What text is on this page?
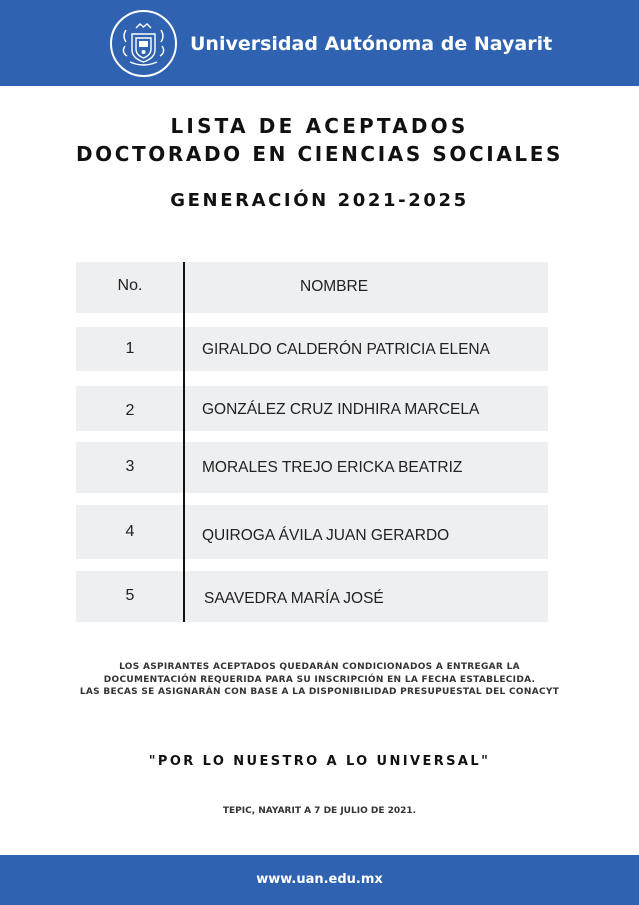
Universidad Autónoma de Nayarit
LISTA DE ACEPTADOS
DOCTORADO EN CIENCIAS SOCIALES
GENERACIÓN 2021-2025
No.	NOMBRE
1	GIRALDO CALDERÓN PATRICIA ELENA
2	GONZÁLEZ CRUZ INDHIRA MARCELA
3	MORALES TREJO ERICKA BEATRIZ
4	QUIROGA ÁVILA JUAN GERARDO
5	SAAVEDRA MARÍA JOSÉ
LOS ASPIRANTES ACEPTADOS QUEDARÁN CONDICIONADOS A ENTREGAR LA
DOCUMENTACIÓN REQUERIDA PARA SU INSCRIPCIÓN EN LA FECHA ESTABLECIDA.
LAS BECAS SE ASIGNARÁN CON BASE A LA DISPONIBILIDAD PRESUPUESTAL DEL CONACYT
"POR LO NUESTRO A LO UNIVERSAL"
TEPIC, NAYARIT A 7 DE JULIO DE 2021.
www.uan.edu.mx
